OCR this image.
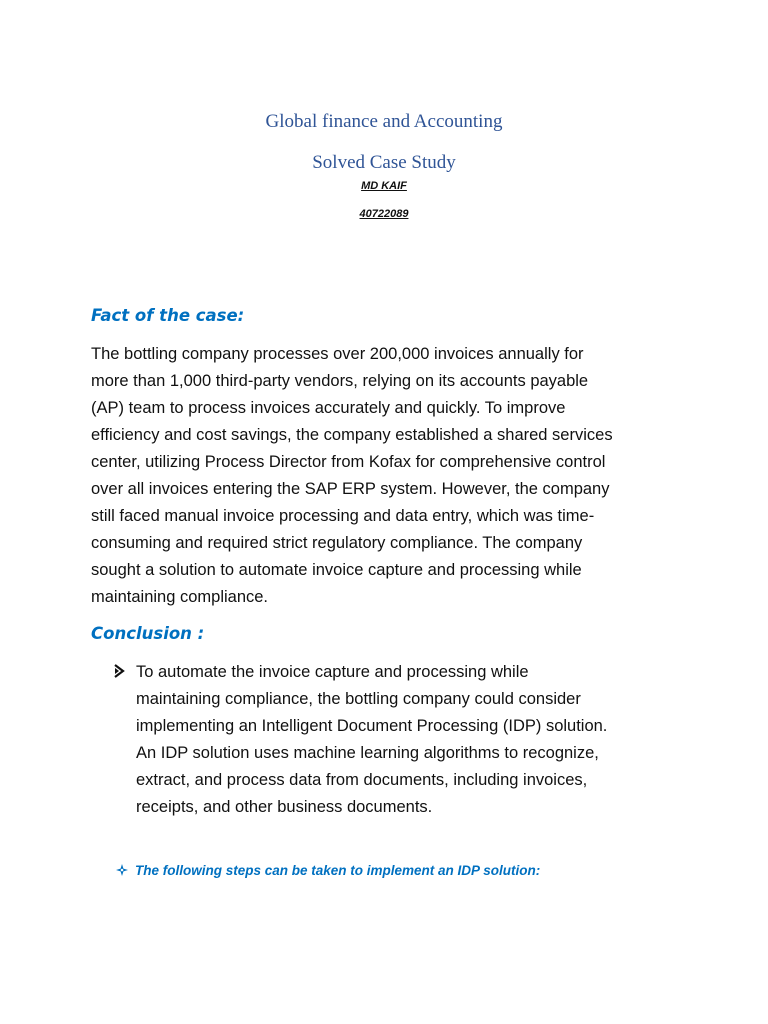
Global finance and Accounting
Solved Case Study
MD KAIF
40722089
Fact of the case:
The bottling company processes over 200,000 invoices annually for
more than 1,000 third-party vendors, relying on its accounts payable
(AP) team to process invoices accurately and quickly. To improve
efficiency and cost savings, the company established a shared services
center, utilizing Process Director from Kofax for comprehensive control
over all invoices entering the SAP ERP system. However, the company
still faced manual invoice processing and data entry, which was time-
consuming and required strict regulatory compliance. The company
sought a solution to automate invoice capture and processing while
maintaining compliance.
Conclusion :
To automate the invoice capture and processing while
maintaining compliance, the bottling company could consider
implementing an Intelligent Document Processing (IDP) solution.
An IDP solution uses machine learning algorithms to recognize,
extract, and process data from documents, including invoices,
receipts, and other business documents.
The following steps can be taken to implement an IDP solution:
